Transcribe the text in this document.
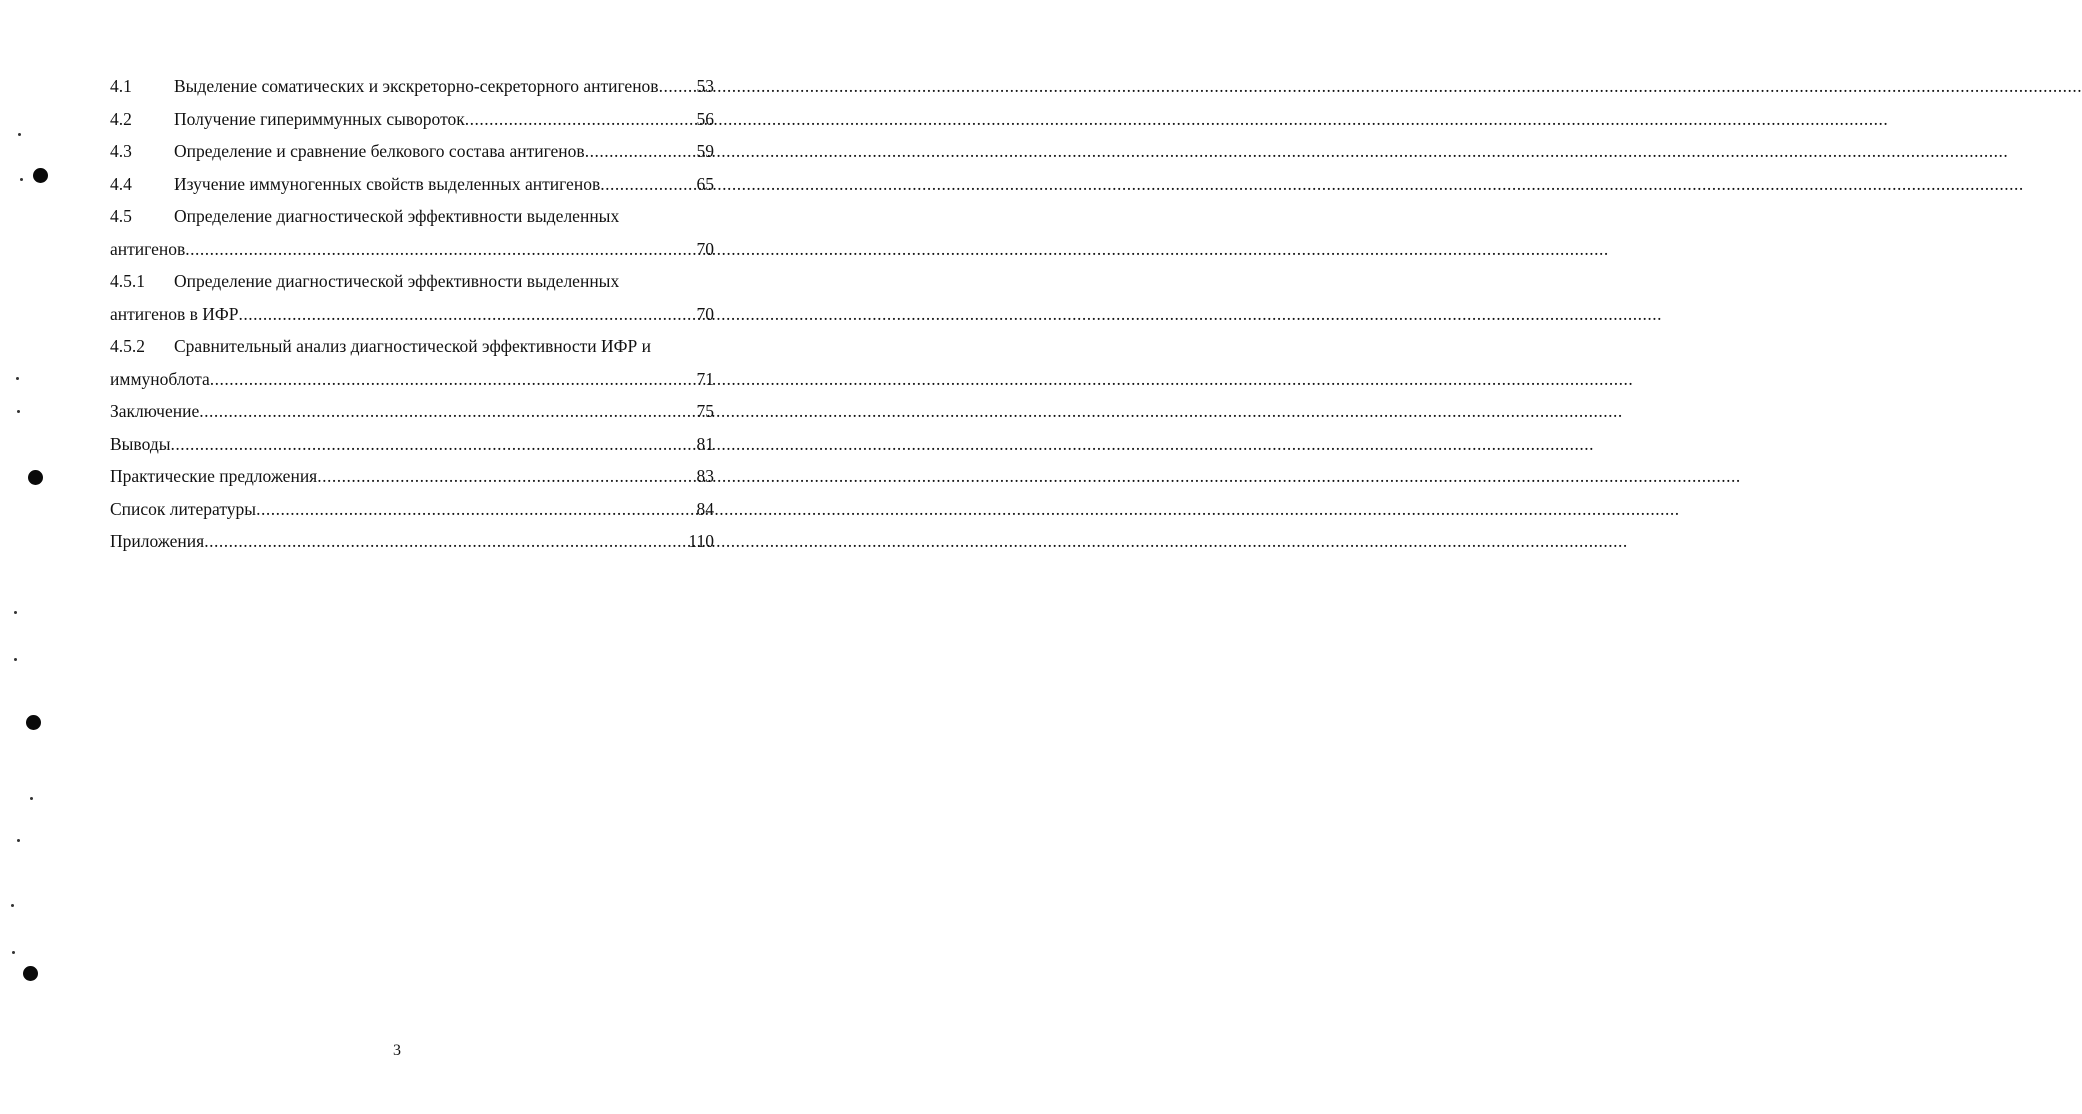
4.1	Выделение соматических и экскреторно-секреторного антигенов ..... 53
4.2	Получение гипериммунных сывороток .....	56
4.3	Определение и сравнение белкового состава антигенов .....	59
4.4	Изучение иммуногенных свойств выделенных антигенов .....	65
4.5	Определение диагностической эффективности выделенных
антигенов .....	70
4.5.1	Определение диагностической эффективности выделенных
антигенов в ИФР .....	70
4.5.2	Сравнительный анализ диагностической эффективности ИФР и
иммуноблота .....	71
Заключение .....	75
Выводы .....	81
Практические предложения .....	83
Список литературы .....	84
Приложения .....	110
3
